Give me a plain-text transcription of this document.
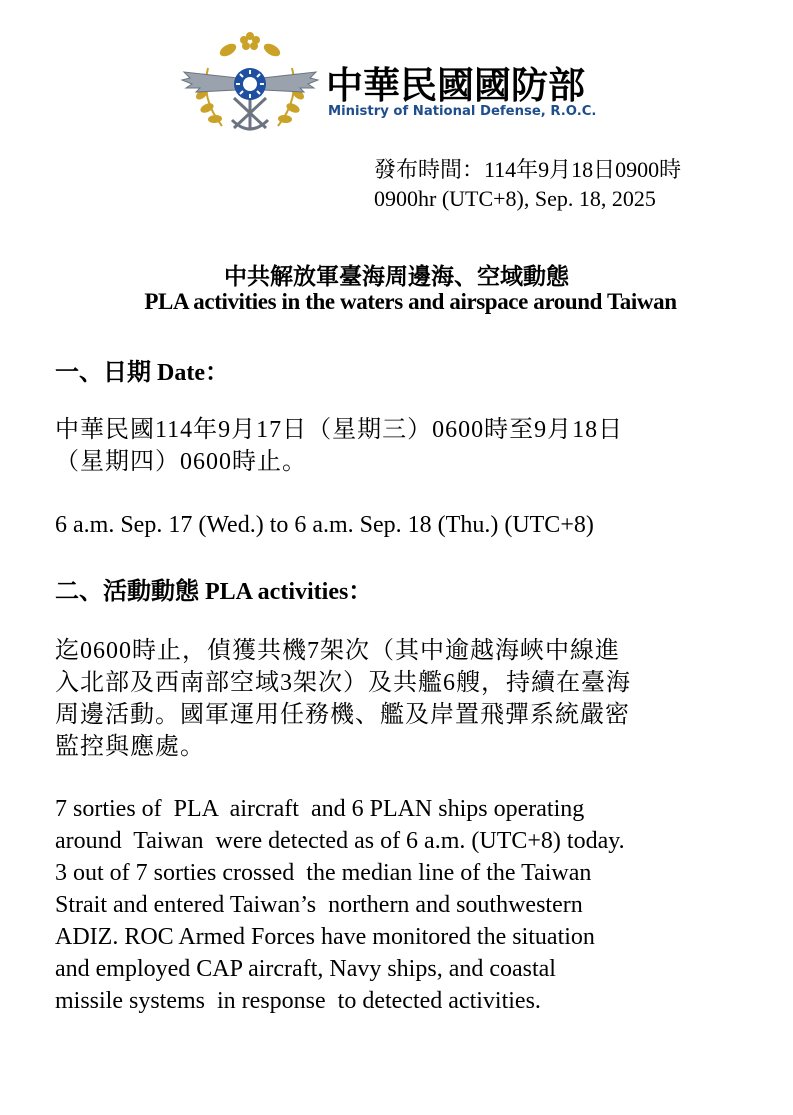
中華民國國防部
Ministry of National Defense, R.O.C.
發布時間：114年9月18日0900時
0900hr (UTC+8), Sep. 18, 2025
中共解放軍臺海周邊海、空域動態
PLA activities in the waters and airspace around Taiwan
一、日期 Date：
中華民國114年9月17日（星期三）0600時至9月18日
（星期四）0600時止。
6 a.m. Sep. 17 (Wed.) to 6 a.m. Sep. 18 (Thu.) (UTC+8)
二、活動動態 PLA activities：
迄0600時止，偵獲共機7架次（其中逾越海峽中線進
入北部及西南部空域3架次）及共艦6艘，持續在臺海
周邊活動。國軍運用任務機、艦及岸置飛彈系統嚴密
監控與應處。
7 sorties of  PLA  aircraft  and 6 PLAN ships operating
around  Taiwan  were detected as of 6 a.m. (UTC+8) today.
3 out of 7 sorties crossed  the median line of the Taiwan
Strait and entered Taiwan’s  northern and southwestern
ADIZ. ROC Armed Forces have monitored the situation
and employed CAP aircraft, Navy ships, and coastal
missile systems  in response  to detected activities.
